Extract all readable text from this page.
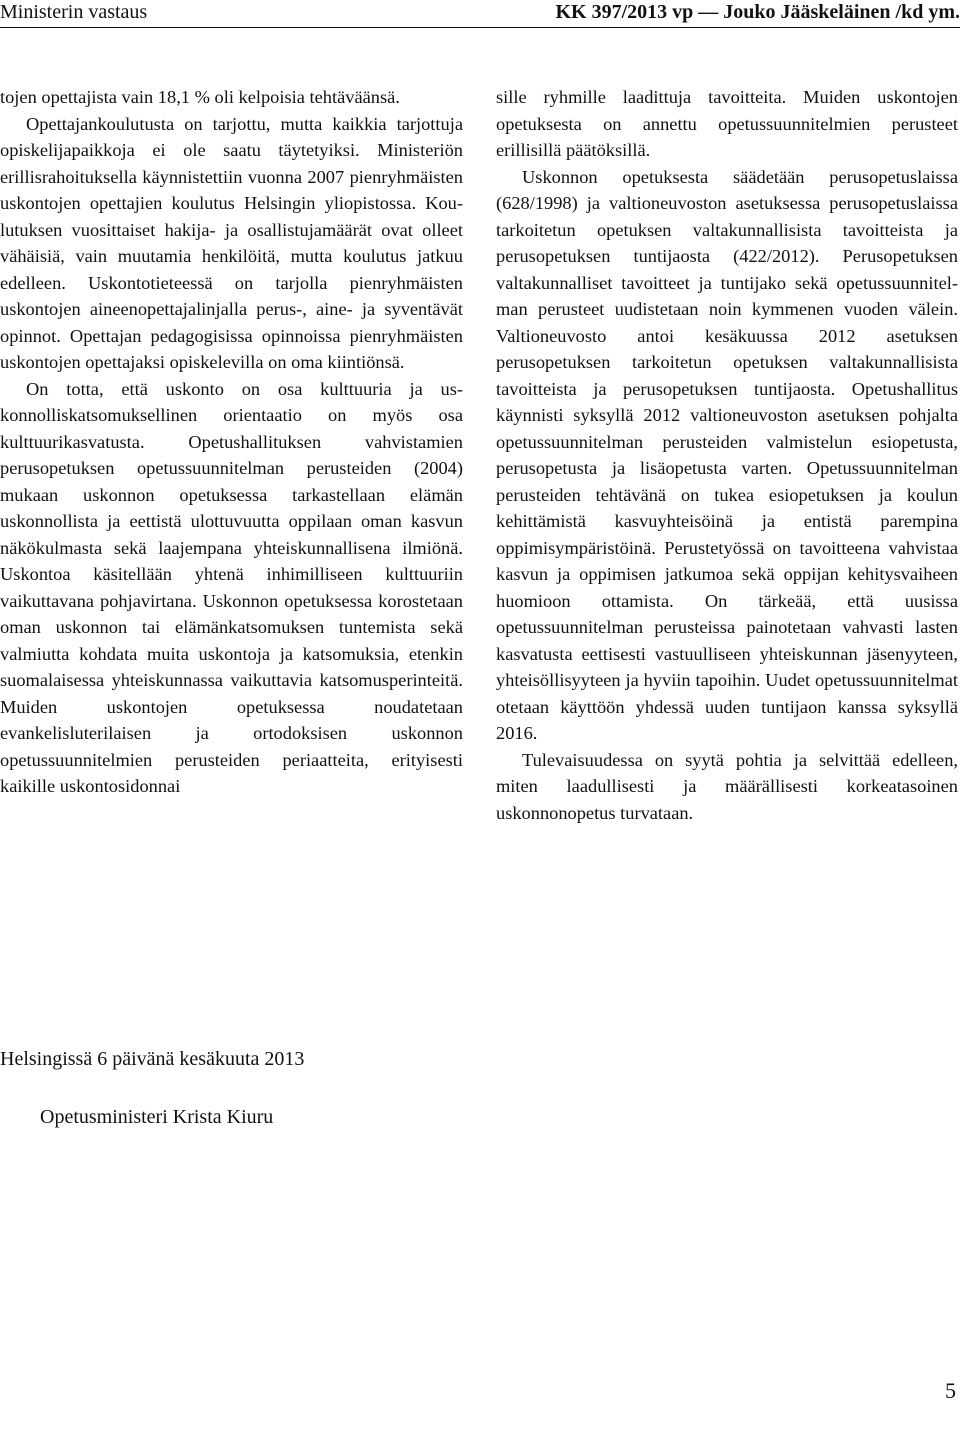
Ministerin vastaus	KK 397/2013 vp — Jouko Jääskeläinen /kd ym.

tojen opettajista vain 18,1 % oli kelpoisia tehtäväänsä.

Opettajankoulutusta on tarjottu, mutta kaikkia tarjottuja opiskelijapaikkoja ei ole saatu täytetyiksi. Ministeriön erillisrahoituksella käynnistettiin vuonna 2007 pienryhmäisten uskontojen opettajien koulutus Helsingin yliopistossa. Koulutuksen vuosittaiset hakija- ja osallistujamäärät ovat olleet vähäisiä, vain muutamia henkilöitä, mutta koulutus jatkuu edelleen. Uskontotieteessä on tarjolla pienryhmäisten uskontojen aineenopettajalinjalla perus-, aine- ja syventävät opinnot. Opettajan pedagogisissa opinnoissa pienryhmäisten uskontojen opettajaksi opiskelevilla on oma kiintiönsä.

On totta, että uskonto on osa kulttuuria ja uskonnolliskatsomuksellinen orientaatio on myös osa kulttuurikasvatusta. Opetushallituksen vahvistamien perusopetuksen opetussuunnitelman perusteiden (2004) mukaan uskonnon opetuksessa tarkastellaan elämän uskonnollista ja eettistä ulottuvuutta oppilaan oman kasvun näkökulmasta sekä laajempana yhteiskunnallisena ilmiönä. Uskontoa käsitellään yhtenä inhimilliseen kulttuuriin vaikuttavana pohjavirtana. Uskonnon opetuksessa korostetaan oman uskonnon tai elämänkatsomuksen tuntemista sekä valmiutta kohdata muita uskontoja ja katsomuksia, etenkin suomalaisessa yhteiskunnassa vaikuttavia katsomusperinteitä. Muiden uskontojen opetuksessa noudatetaan evankelisluterilaisen ja ortodoksisen uskonnon opetussuunnitelmien perusteiden periaatteita, erityisesti kaikille uskontosidonnai

sille ryhmille laadittuja tavoitteita. Muiden uskontojen opetuksesta on annettu opetussuunnitelmien perusteet erillisillä päätöksillä.

Uskonnon opetuksesta säädetään perusopetuslaissa (628/1998) ja valtioneuvoston asetuksessa perusopetuslaissa tarkoitetun opetuksen valtakunnallisista tavoitteista ja perusopetuksen tuntijaosta (422/2012). Perusopetuksen valtakunnalliset tavoitteet ja tuntijako sekä opetussuunnitelman perusteet uudistetaan noin kymmenen vuoden välein. Valtioneuvosto antoi kesäkuussa 2012 asetuksen perusopetuksen tarkoitetun opetuksen valtakunnallisista tavoitteista ja perusopetuksen tuntijaosta. Opetushallitus käynnisti syksyllä 2012 valtioneuvoston asetuksen pohjalta opetussuunnitelman perusteiden valmistelun esiopetusta, perusopetusta ja lisäopetusta varten. Opetussuunnitelman perusteiden tehtävänä on tukea esiopetuksen ja koulun kehittämistä kasvuyhteisöinä ja entistä parempina oppimisympäristöinä. Perustetyössä on tavoitteena vahvistaa kasvun ja oppimisen jatkumoa sekä oppijan kehitysvaiheen huomioon ottamista. On tärkeää, että uusissa opetussuunnitelman perusteissa painotetaan vahvasti lasten kasvatusta eettisesti vastuulliseen yhteiskunnan jäsenyyteen, yhteisöllisyyteen ja hyviin tapoihin. Uudet opetussuunnitelmat otetaan käyttöön yhdessä uuden tuntijaon kanssa syksyllä 2016.

Tulevaisuudessa on syytä pohtia ja selvittää edelleen, miten laadullisesti ja määrällisesti korkeatasoinen uskonnonopetus turvataan.

Helsingissä 6 päivänä kesäkuuta 2013
Opetusministeri Krista Kiuru
5
